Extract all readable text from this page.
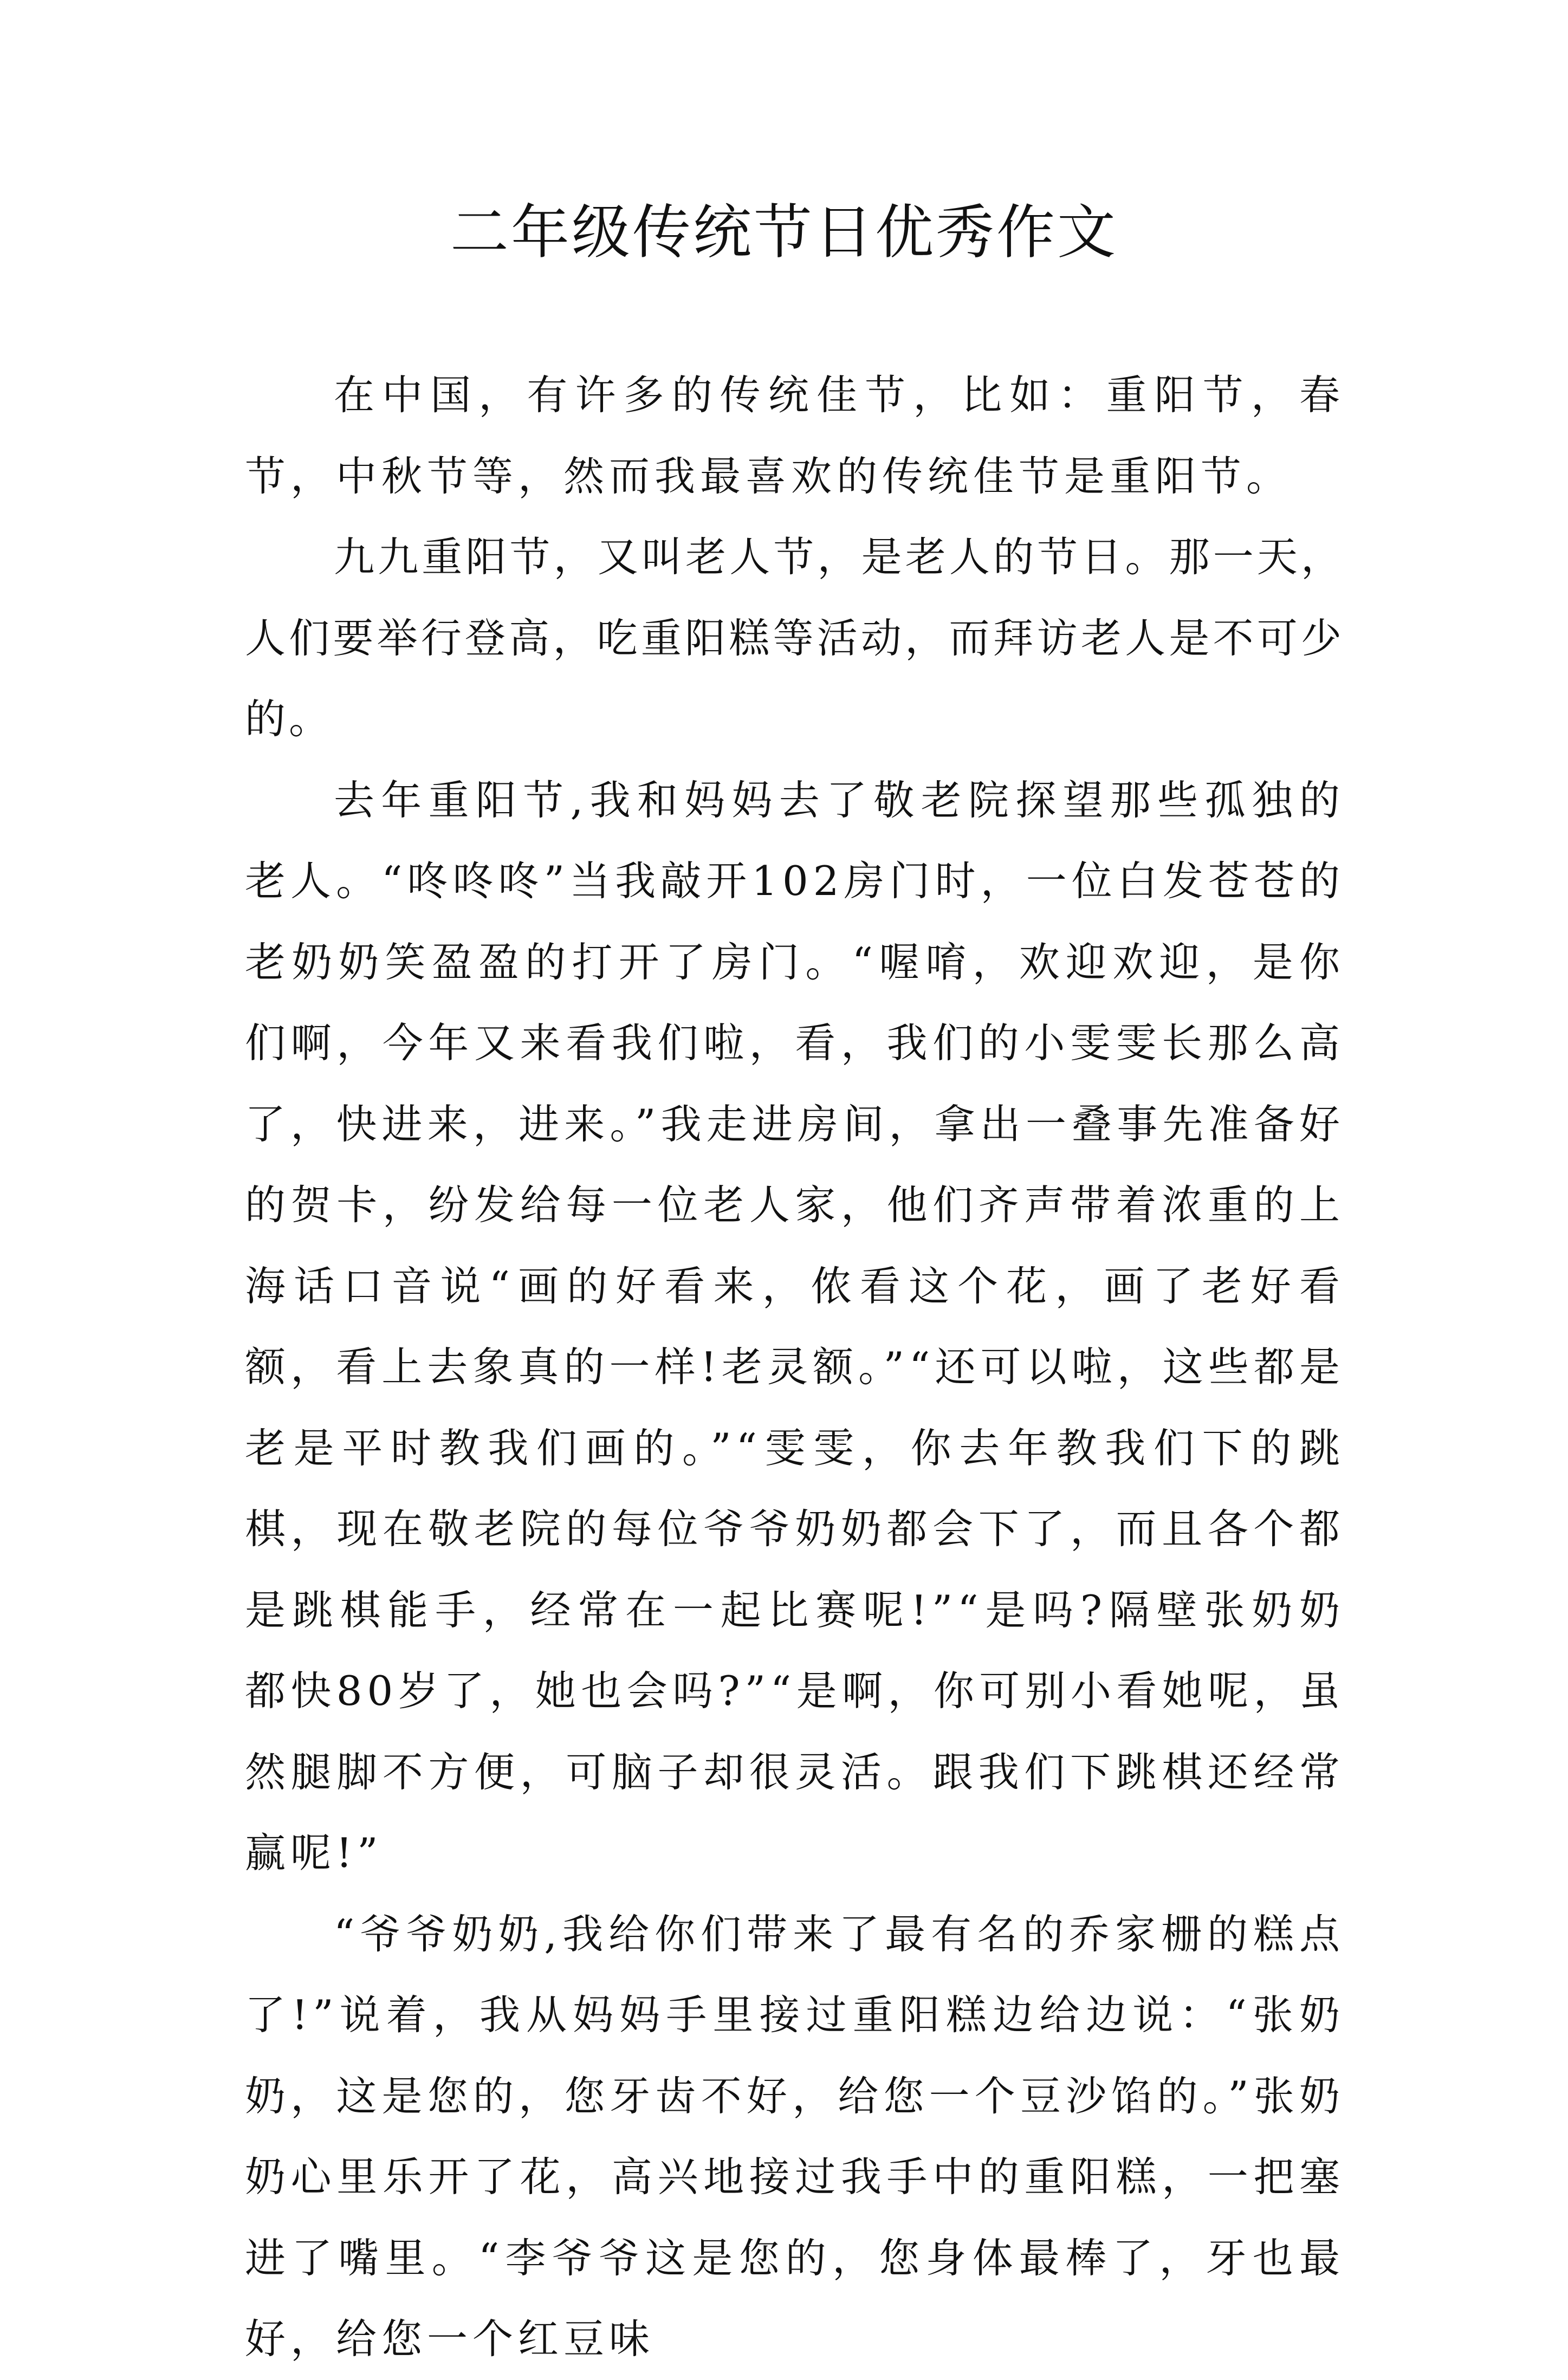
二年级传统节日优秀作文

在中国，有许多的传统佳节，比如：重阳节，春节，中秋节等，然而我最喜欢的传统佳节是重阳节。

九九重阳节，又叫老人节，是老人的节日。那一天，人们要举行登高，吃重阳糕等活动，而拜访老人是不可少的。

去年重阳节,我和妈妈去了敬老院探望那些孤独的老人。“咚咚咚”当我敲开102房门时，一位白发苍苍的老奶奶笑盈盈的打开了房门。“喔唷，欢迎欢迎，是你们啊，今年又来看我们啦，看，我们的小雯雯长那么高了，快进来，进来。”我走进房间，拿出一叠事先准备好的贺卡，纷发给每一位老人家，他们齐声带着浓重的上海话口音说“画的好看来，侬看这个花，画了老好看额，看上去象真的一样!老灵额。”“还可以啦，这些都是老是平时教我们画的。”“雯雯，你去年教我们下的跳棋，现在敬老院的每位爷爷奶奶都会下了，而且各个都是跳棋能手，经常在一起比赛呢!”“是吗?隔壁张奶奶都快80岁了，她也会吗?”“是啊，你可别小看她呢，虽然腿脚不方便，可脑子却很灵活。跟我们下跳棋还经常赢呢!”

“爷爷奶奶,我给你们带来了最有名的乔家栅的糕点了!”说着，我从妈妈手里接过重阳糕边给边说：“张奶奶，这是您的，您牙齿不好，给您一个豆沙馅的。”张奶奶心里乐开了花，高兴地接过我手中的重阳糕，一把塞进了嘴里。“李爷爷这是您的，您身体最棒了，牙也最好，给您一个红豆味
